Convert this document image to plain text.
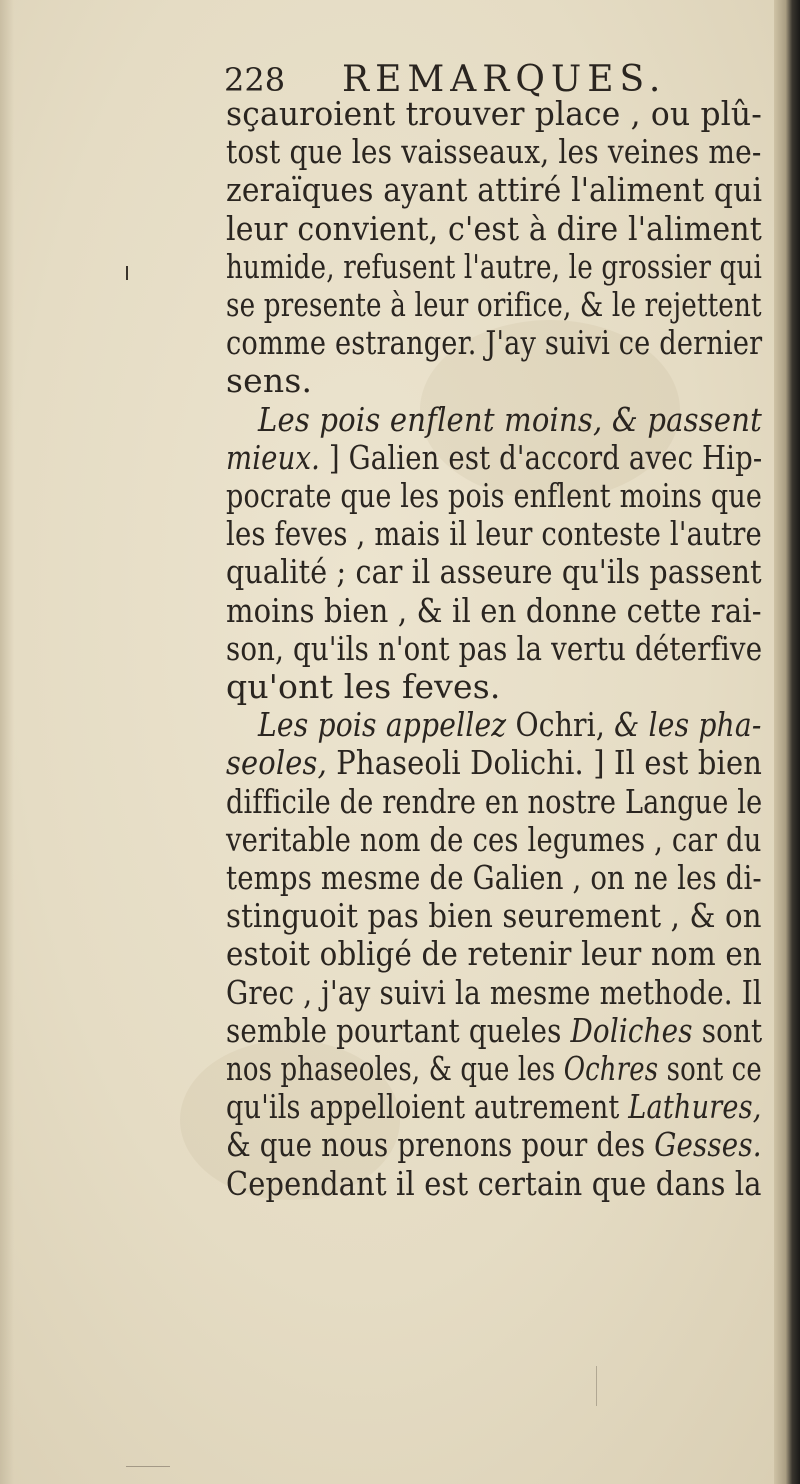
228 REMARQUES.
sçauroient trouver place , ou plû-
tost que les vaisseaux, les veines me-
zeraïques ayant attiré l'aliment qui
leur convient, c'est à dire l'aliment
humide, refusent l'autre, le grossier qui
se presente à leur orifice, & le rejettent
comme estranger. J'ay suivi ce dernier
sens.
Les pois enflent moins, & passent
mieux. ] Galien est d'accord avec Hip-
pocrate que les pois enflent moins que
les feves , mais il leur conteste l'autre
qualité ; car il asseure qu'ils passent
moins bien , & il en donne cette rai-
son, qu'ils n'ont pas la vertu déterfive
qu'ont les feves.
Les pois appellez Ochri, & les pha-
seoles, Phaseoli Dolichi. ] Il est bien
difficile de rendre en nostre Langue le
veritable nom de ces legumes , car du
temps mesme de Galien , on ne les di-
stinguoit pas bien seurement , & on
estoit obligé de retenir leur nom en
Grec , j'ay suivi la mesme methode. Il
semble pourtant queles Doliches sont
nos phaseoles, & que les Ochres sont ce
qu'ils appelloient autrement Lathures,
& que nous prenons pour des Gesses.
Cependant il est certain que dans la
